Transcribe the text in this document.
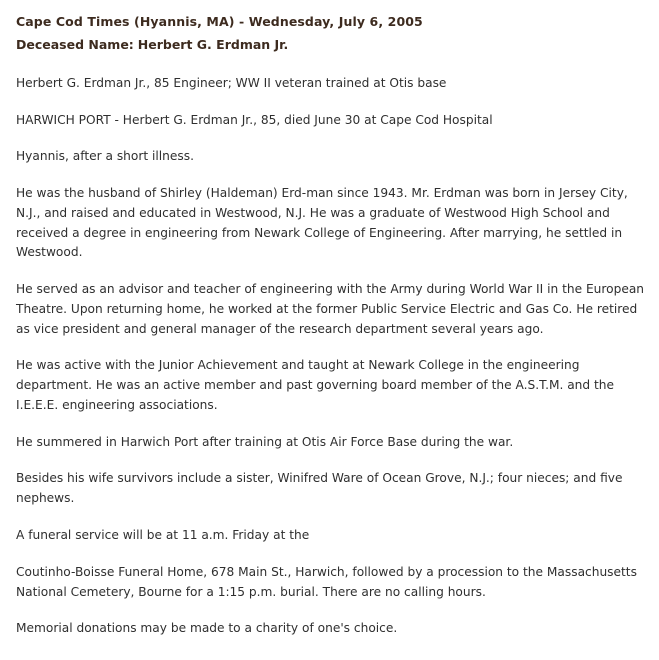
Cape Cod Times (Hyannis, MA) - Wednesday, July 6, 2005
Deceased Name: Herbert G. Erdman Jr.

Herbert G. Erdman Jr., 85 Engineer; WW II veteran trained at Otis base

HARWICH PORT - Herbert G. Erdman Jr., 85, died June 30 at Cape Cod Hospital

Hyannis, after a short illness.

He was the husband of Shirley (Haldeman) Erd-man since 1943. Mr. Erdman was born in Jersey City, N.J., and raised and educated in Westwood, N.J. He was a graduate of Westwood High School and received a degree in engineering from Newark College of Engineering. After marrying, he settled in Westwood.

He served as an advisor and teacher of engineering with the Army during World War II in the European Theatre. Upon returning home, he worked at the former Public Service Electric and Gas Co. He retired as vice president and general manager of the research department several years ago.

He was active with the Junior Achievement and taught at Newark College in the engineering department. He was an active member and past governing board member of the A.S.T.M. and the I.E.E.E. engineering associations.

He summered in Harwich Port after training at Otis Air Force Base during the war.

Besides his wife survivors include a sister, Winifred Ware of Ocean Grove, N.J.; four nieces; and five nephews.

A funeral service will be at 11 a.m. Friday at the

Coutinho-Boisse Funeral Home, 678 Main St., Harwich, followed by a procession to the Massachusetts National Cemetery, Bourne for a 1:15 p.m. burial. There are no calling hours.

Memorial donations may be made to a charity of one's choice.
